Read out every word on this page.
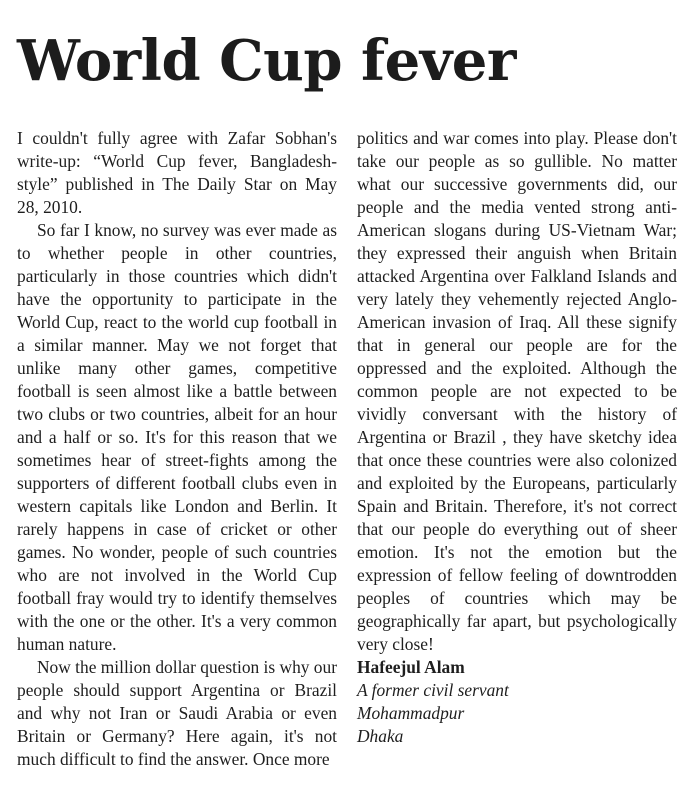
World Cup fever

I couldn't fully agree with Zafar Sobhan's write-up: “World Cup fever, Bangladesh-style” published in The Daily Star on May 28, 2010.

So far I know, no survey was ever made as to whether people in other countries, particularly in those countries which didn't have the opportunity to participate in the World Cup, react to the world cup football in a similar manner. May we not forget that unlike many other games, competitive football is seen almost like a battle between two clubs or two countries, albeit for an hour and a half or so. It's for this reason that we sometimes hear of street-fights among the supporters of different football clubs even in western capitals like London and Berlin. It rarely happens in case of cricket or other games. No wonder, people of such countries who are not involved in the World Cup football fray would try to identify themselves with the one or the other. It's a very common human nature.

Now the million dollar question is why our people should support Argentina or Brazil and why not Iran or Saudi Arabia or even Britain or Germany? Here again, it's not much difficult to find the answer. Once more

politics and war comes into play. Please don't take our people as so gullible. No matter what our successive governments did, our people and the media vented strong anti-American slogans during US-Vietnam War; they expressed their anguish when Britain attacked Argentina over Falkland Islands and very lately they vehemently rejected Anglo-American invasion of Iraq. All these signify that in general our people are for the oppressed and the exploited. Although the common people are not expected to be vividly conversant with the history of Argentina or Brazil , they have sketchy idea that once these countries were also colonized and exploited by the Europeans, particularly Spain and Britain. Therefore, it's not correct that our people do everything out of sheer emotion. It's not the emotion but the expression of fellow feeling of downtrodden peoples of countries which may be geographically far apart, but psychologically very close!

Hafeejul Alam

A former civil servant

Mohammadpur

Dhaka
